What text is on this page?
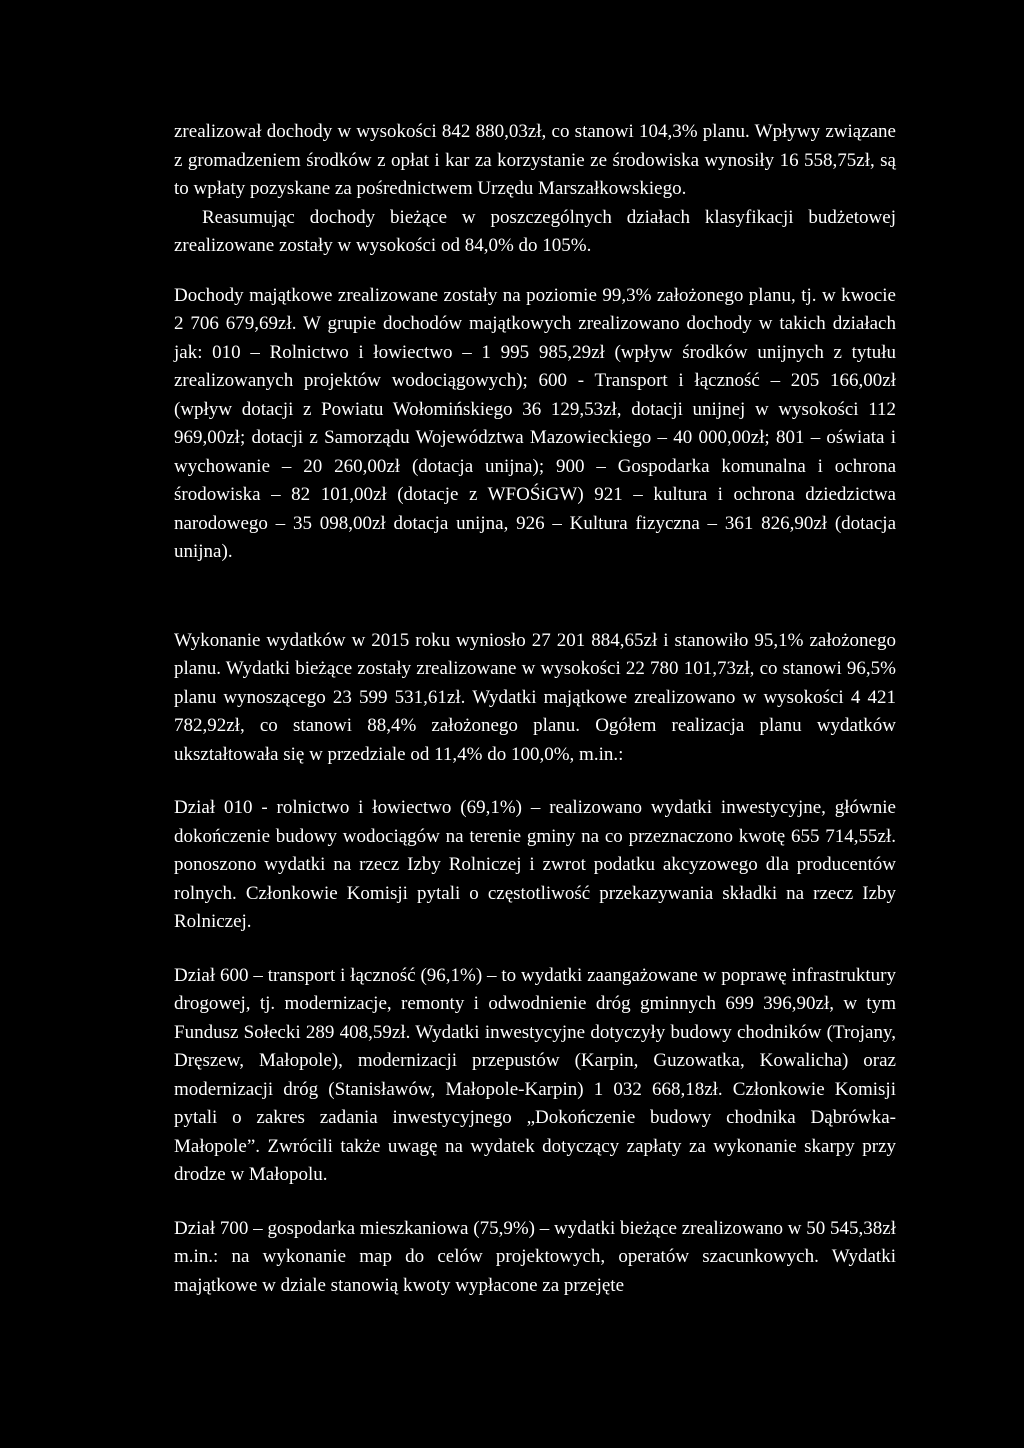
zrealizował dochody w wysokości 842 880,03zł, co stanowi 104,3% planu. Wpływy związane z gromadzeniem środków z opłat i kar za korzystanie ze środowiska wynosiły 16 558,75zł, są to wpłaty pozyskane za pośrednictwem Urzędu Marszałkowskiego.

Reasumując dochody bieżące w poszczególnych działach klasyfikacji budżetowej zrealizowane zostały w wysokości od 84,0% do 105%.

Dochody majątkowe zrealizowane zostały na poziomie 99,3% założonego planu, tj. w kwocie 2 706 679,69zł. W grupie dochodów majątkowych zrealizowano dochody w takich działach jak: 010 – Rolnictwo i łowiectwo – 1 995 985,29zł (wpływ środków unijnych z tytułu zrealizowanych projektów wodociągowych); 600 - Transport i łączność – 205 166,00zł (wpływ dotacji z Powiatu Wołomińskiego 36 129,53zł, dotacji unijnej w wysokości 112 969,00zł; dotacji z Samorządu Województwa Mazowieckiego – 40 000,00zł; 801 – oświata i wychowanie – 20 260,00zł (dotacja unijna); 900 – Gospodarka komunalna i ochrona środowiska – 82 101,00zł (dotacje z WFOŚiGW) 921 – kultura i ochrona dziedzictwa narodowego – 35 098,00zł dotacja unijna, 926 – Kultura fizyczna – 361 826,90zł (dotacja unijna).

Wykonanie wydatków w 2015 roku wyniosło 27 201 884,65zł i stanowiło 95,1% założonego planu. Wydatki bieżące zostały zrealizowane w wysokości 22 780 101,73zł, co stanowi 96,5% planu wynoszącego 23 599 531,61zł. Wydatki majątkowe zrealizowano w wysokości 4 421 782,92zł, co stanowi 88,4% założonego planu. Ogółem realizacja planu wydatków ukształtowała się w przedziale od 11,4% do 100,0%, m.in.:

Dział 010 - rolnictwo i łowiectwo (69,1%) – realizowano wydatki inwestycyjne, głównie dokończenie budowy wodociągów na terenie gminy na co przeznaczono kwotę 655 714,55zł. ponoszono wydatki na rzecz Izby Rolniczej i zwrot podatku akcyzowego dla producentów rolnych. Członkowie Komisji pytali o częstotliwość przekazywania składki na rzecz Izby Rolniczej.

Dział 600 – transport i łączność (96,1%) – to wydatki zaangażowane w poprawę infrastruktury drogowej, tj. modernizacje, remonty i odwodnienie dróg gminnych 699 396,90zł, w tym Fundusz Sołecki 289 408,59zł. Wydatki inwestycyjne dotyczyły budowy chodników (Trojany, Dręszew, Małopole), modernizacji przepustów (Karpin, Guzowatka, Kowalicha) oraz modernizacji dróg (Stanisławów, Małopole-Karpin) 1 032 668,18zł. Członkowie Komisji pytali o zakres zadania inwestycyjnego „Dokończenie budowy chodnika Dąbrówka- Małopole”. Zwrócili także uwagę na wydatek dotyczący zapłaty za wykonanie skarpy przy drodze w Małopolu.

Dział 700 – gospodarka mieszkaniowa (75,9%) – wydatki bieżące zrealizowano w 50 545,38zł m.in.: na wykonanie map do celów projektowych, operatów szacunkowych. Wydatki majątkowe w dziale stanowią kwoty wypłacone za przejęte
